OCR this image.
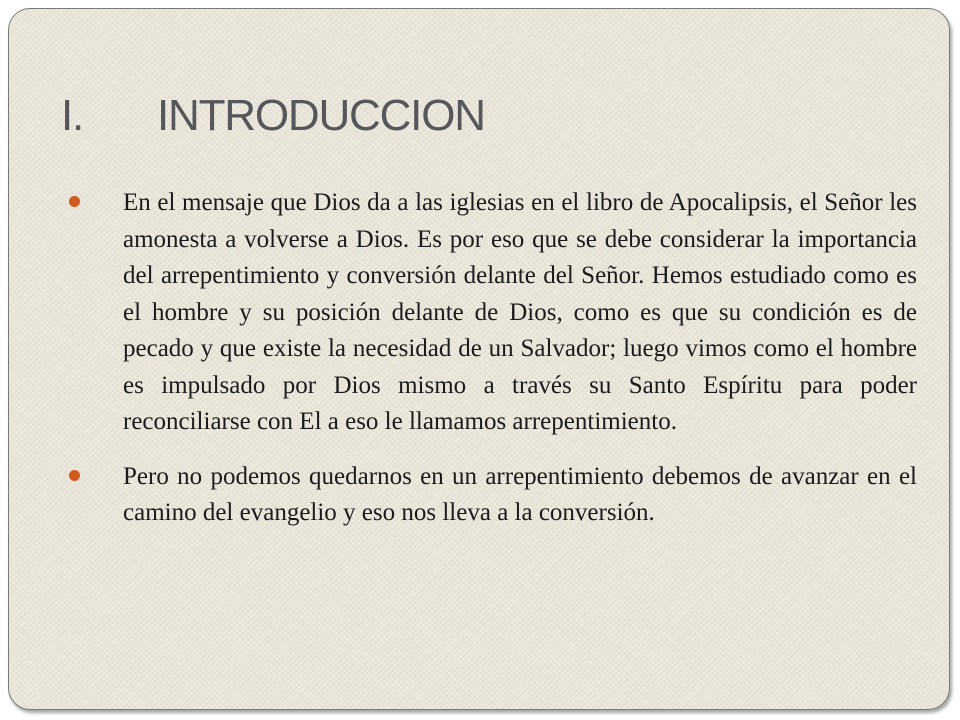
I. INTRODUCCION
En el mensaje que Dios da a las iglesias en el libro de Apocalipsis, el Señor les amonesta a volverse a Dios. Es por eso que se debe considerar la importancia del arrepentimiento y conversión delante del Señor. Hemos estudiado como es el hombre y su posición delante de Dios, como es que su condición es de pecado y que existe la necesidad de un Salvador; luego vimos como el hombre es impulsado por Dios mismo a través su Santo Espíritu para poder reconciliarse con El a eso le llamamos arrepentimiento.
Pero no podemos quedarnos en un arrepentimiento debemos de avanzar en el camino del evangelio y eso nos lleva a la conversión.
